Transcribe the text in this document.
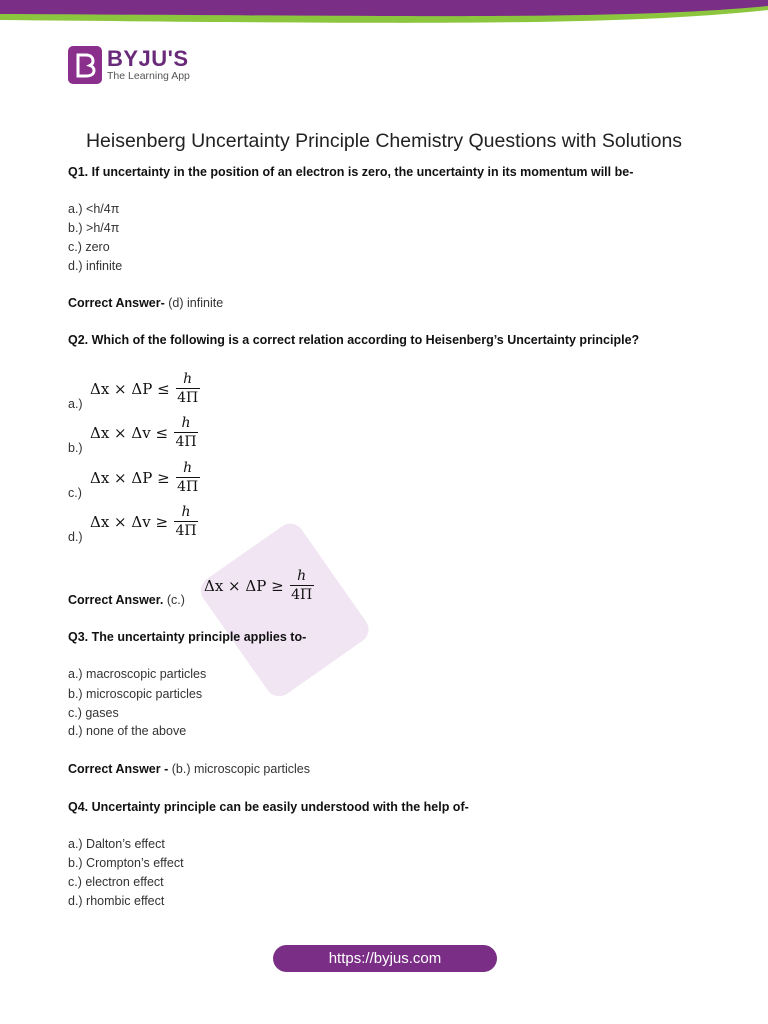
BYJU'S
The Learning App
Heisenberg Uncertainty Principle Chemistry Questions with Solutions
Q1. If uncertainty in the position of an electron is zero, the uncertainty in its momentum will be-
a.) <h/4π
b.) >h/4π
c.) zero
d.) infinite
Correct Answer- (d) infinite
Q2. Which of the following is a correct relation according to Heisenberg’s Uncertainty principle?
a.)
$\Delta x \times \Delta P \le \frac{h}{4\Pi}$
b.)
$\Delta x \times \Delta v \le \frac{h}{4\Pi}$
c.)
$\Delta x \times \Delta P \ge \frac{h}{4\Pi}$
d.)
$\Delta x \times \Delta v \ge \frac{h}{4\Pi}$
Correct Answer. (c.)
$\Delta x \times \Delta P \ge \frac{h}{4\Pi}$
Q3. The uncertainty principle applies to-
a.) macroscopic particles
b.) microscopic particles
c.) gases
d.) none of the above
Correct Answer - (b.) microscopic particles
Q4. Uncertainty principle can be easily understood with the help of-
a.) Dalton’s effect
b.) Crompton’s effect
c.) electron effect
d.) rhombic effect
https://byjus.com
